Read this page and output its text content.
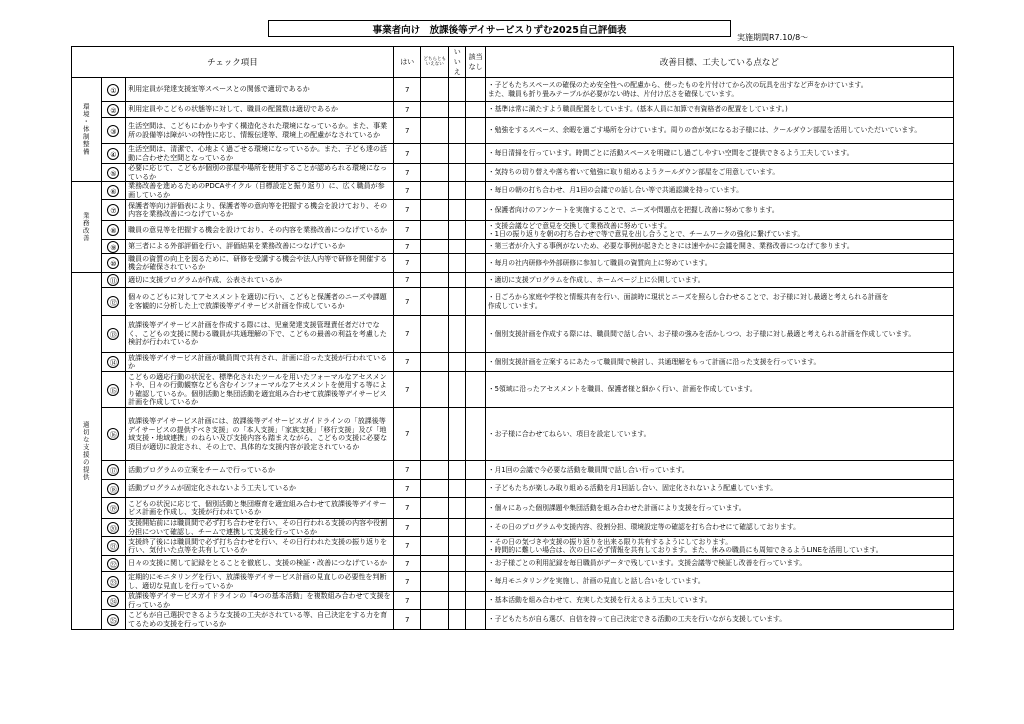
事業者向け　放課後等デイサービスりずむ2025自己評価表
実施期間R7.10/8〜
チェック項目			はい	どちらともいえない	いいえ	該当なし	改善目標、工夫している点など

環境・体制整備	①	利用定員が発達支援室等スペースとの関係で適切であるか	7				・子どもたちスペースの確保のため安全性への配慮から、使ったものを片付けてから次の玩具を出すなど声をかけています。
また、職員も折り畳みテーブルが必要がない時は、片付け広さを確保しています。

	②	利用定員やこどもの状態等に対して、職員の配置数は適切であるか	7				・基準は常に満たすよう職員配置をしています。(基本人員に加算で有資格者の配置をしています。)

	③	生活空間は、こどもにわかりやすく構造化された環境になっているか。また、事業所の設備等は障がいの特性に応じ、情報伝達等、環境上の配慮がなされているか	7				・勉強をするスペース、余暇を過ごす場所を分けています。周りの音が気になるお子様には、クールダウン部屋を活用していただいています。

	④	生活空間は、清潔で、心地よく過ごせる環境になっているか。また、子ども達の活動に合わせた空間となっているか	7				・毎日清掃を行っています。時間ごとに活動スペースを明確にし過ごしやすい空間をご提供できるよう工夫しています。

	⑤	必要に応じて、こどもが個別の部屋や場所を使用することが認められる環境になっているか	7				・気持ちの切り替えや落ち着いて勉強に取り組めるようクールダウン部屋をご用意しています。

業務改善	⑥	業務改善を進めるためのPDCAサイクル（目標設定と振り返り）に、広く職員が参画しているか	7				・毎日の朝の打ち合わせ、月1回の会議での話し合い等で共通認識を持っています。

	⑦	保護者等向け評価表により、保護者等の意向等を把握する機会を設けており、その内容を業務改善につなげているか	7				・保護者向けのアンケートを実施することで、ニーズや問題点を把握し改善に努めて参ります。

	⑧	職員の意見等を把握する機会を設けており、その内容を業務改善につなげているか	7				・支援会議などで意見を交換して業務改善に努めています。
・1日の振り返りを朝の打ち合わせで等で意見を出し合うことで、チームワークの強化に繋げています。

	⑨	第三者による外部評価を行い、評価結果を業務改善につなげているか	7				・第三者が介入する事例がないため、必要な事例が起きたときには速やかに会議を開き、業務改善につなげて参ります。

	⑩	職員の資質の向上を図るために、研修を受講する機会や法人内等で研修を開催する機会が確保されているか	7				・毎月の社内研修や外部研修に参加して職員の資質向上に努めています。

適切な支援の提供	⑪	適切に支援プログラムが作成、公表されているか	7				・適切に支援プログラムを作成し、ホームページ上に公開しています。

	⑫	個々のこどもに対してアセスメントを適切に行い、こどもと保護者のニーズや課題を客観的に分析した上で放課後等デイサービス計画を作成しているか	7				・日ごろから家庭や学校と情報共有を行い、面談時に現状とニーズを照らし合わせることで、お子様に対し最適と考えられる計画を
作成しています。

	⑬	放課後等デイサービス計画を作成する際には、児童発達支援管理責任者だけでなく、こどもの支援に関わる職員が共通理解の下で、こどもの最善の利益を考慮した検討が行われているか	7				・個別支援計画を作成する際には、職員間で話し合い、お子様の強みを活かしつつ、お子様に対し最適と考えられる計画を作成しています。

	⑭	放課後等デイサービス計画が職員間で共有され、計画に沿った支援が行われているか	7				・個別支援計画を立案するにあたって職員間で検討し、共通理解をもって計画に沿った支援を行っています。

	⑮	こどもの適応行動の状況を、標準化されたツールを用いたフォーマルなアセスメントや、日々の行動観察なども含むインフォーマルなアセスメントを使用する等により確認しているか。個別活動と集団活動を適宜組み合わせて放課後等デイサービス計画を作成しているか	7				・5領域に沿ったアセスメントを職員、保護者様と細かく行い、計画を作成しています。

	⑯	放課後等デイサービス計画には、放課後等デイサービスガイドラインの「放課後等デイサービスの提供すべき支援」の「本人支援」「家族支援」「移行支援」及び「地域支援・地域連携」のねらい及び支援内容も踏まえながら、こどもの支援に必要な項目が適切に設定され、その上で、具体的な支援内容が設定されているか	7				・お子様に合わせてねらい、項目を設定しています。

	⑰	活動プログラムの立案をチームで行っているか	7				・月1回の会議で今必要な活動を職員間で話し合い行っています。

	⑱	活動プログラムが固定化されないよう工夫しているか	7				・子どもたちが楽しみ取り組める活動を月1回話し合い、固定化されないよう配慮しています。

	⑲	こどもの状況に応じて、個別活動と集団療育を適宜組み合わせて放課後等デイサービス計画を作成し、支援が行われているか	7				・個々にあった個別課題や集団活動を組み合わせた計画により支援を行っています。

	⑳	支援開始前には職員間で必ず打ち合わせを行い、その日行われる支援の内容や役割分担について確認し、チームで連携して支援を行っているか	7				・その日のプログラムや支援内容、役割分担、環境設定等の確認を打ち合わせにて確認しております。

	㉑	支援終了後には職員間で必ず打ち合わせを行い、その日行われた支援の振り返りを行い、気付いた点等を共有しているか	7				・その日の気づきや支援の振り返りを出来る限り共有するようにしております。
・時間的に難しい場合は、次の日に必ず情報を共有しております。また、休みの職員にも周知できるようLINEを活用しています。

	㉒	日々の支援に関して記録をとることを徹底し、支援の検証・改善につなげているか	7				・お子様ごとの利用記録を毎日職員がデータで残しています。支援会議等で検証し改善を行っています。

	㉓	定期的にモニタリングを行い、放課後等デイサービス計画の見直しの必要性を判断し、適切な見直しを行っているか	7				・毎月モニタリングを実施し、計画の見直しと話し合いをしています。

	㉔	放課後等デイサービスガイドラインの「4つの基本活動」を複数組み合わせて支援を行っているか	7				・基本活動を組み合わせて、充実した支援を行えるよう工夫しています。

	㉕	こどもが自己選択できるような支援の工夫がされている等、自己決定をする力を育てるための支援を行っているか	7				・子どもたちが自ら選び、自信を持って自己決定できる活動の工夫を行いながら支援しています。
